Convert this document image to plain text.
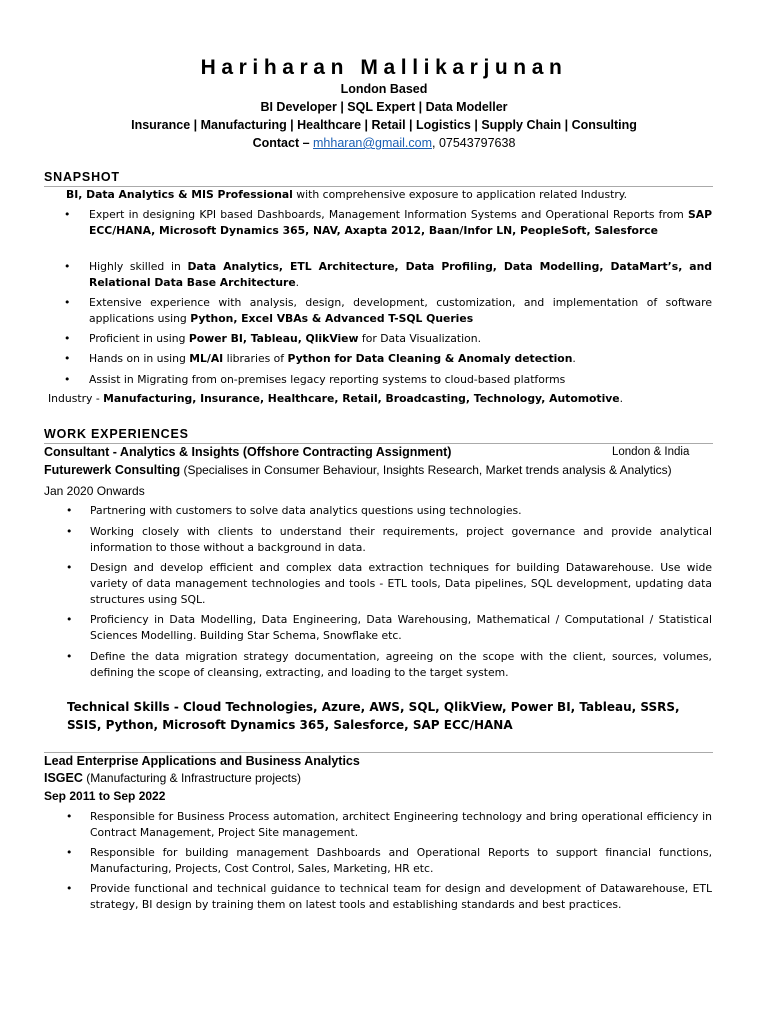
Hariharan Mallikarjunan
London Based
BI Developer | SQL Expert | Data Modeller
Insurance | Manufacturing | Healthcare | Retail | Logistics | Supply Chain | Consulting
Contact – mhharan@gmail.com, 07543797638
SNAPSHOT
BI, Data Analytics & MIS Professional with comprehensive exposure to application related Industry.
• Expert in designing KPI based Dashboards, Management Information Systems and Operational Reports from SAP ECC/HANA, Microsoft Dynamics 365, NAV, Axapta 2012, Baan/Infor LN, PeopleSoft, Salesforce
• Highly skilled in Data Analytics, ETL Architecture, Data Profiling, Data Modelling, DataMart’s, and Relational Data Base Architecture.
• Extensive experience with analysis, design, development, customization, and implementation of software applications using Python, Excel VBAs & Advanced T-SQL Queries
• Proficient in using Power BI, Tableau, QlikView for Data Visualization.
• Hands on in using ML/AI libraries of Python for Data Cleaning & Anomaly detection.
• Assist in Migrating from on-premises legacy reporting systems to cloud-based platforms
Industry - Manufacturing, Insurance, Healthcare, Retail, Broadcasting, Technology, Automotive.
WORK EXPERIENCES
Consultant - Analytics & Insights (Offshore Contracting Assignment)	London & India
Futurewerk Consulting (Specialises in Consumer Behaviour, Insights Research, Market trends analysis & Analytics)
Jan 2020 Onwards
• Partnering with customers to solve data analytics questions using technologies.
• Working closely with clients to understand their requirements, project governance and provide analytical information to those without a background in data.
• Design and develop efficient and complex data extraction techniques for building Datawarehouse. Use wide variety of data management technologies and tools - ETL tools, Data pipelines, SQL development, updating data structures using SQL.
• Proficiency in Data Modelling, Data Engineering, Data Warehousing, Mathematical / Computational / Statistical Sciences Modelling. Building Star Schema, Snowflake etc.
• Define the data migration strategy documentation, agreeing on the scope with the client, sources, volumes, defining the scope of cleansing, extracting, and loading to the target system.
Technical Skills - Cloud Technologies, Azure, AWS, SQL, QlikView, Power BI, Tableau, SSRS, SSIS, Python, Microsoft Dynamics 365, Salesforce, SAP ECC/HANA
Lead Enterprise Applications and Business Analytics
ISGEC (Manufacturing & Infrastructure projects)
Sep 2011 to Sep 2022
• Responsible for Business Process automation, architect Engineering technology and bring operational efficiency in Contract Management, Project Site management.
• Responsible for building management Dashboards and Operational Reports to support financial functions, Manufacturing, Projects, Cost Control, Sales, Marketing, HR etc.
• Provide functional and technical guidance to technical team for design and development of Datawarehouse, ETL strategy, BI design by training them on latest tools and establishing standards and best practices.
